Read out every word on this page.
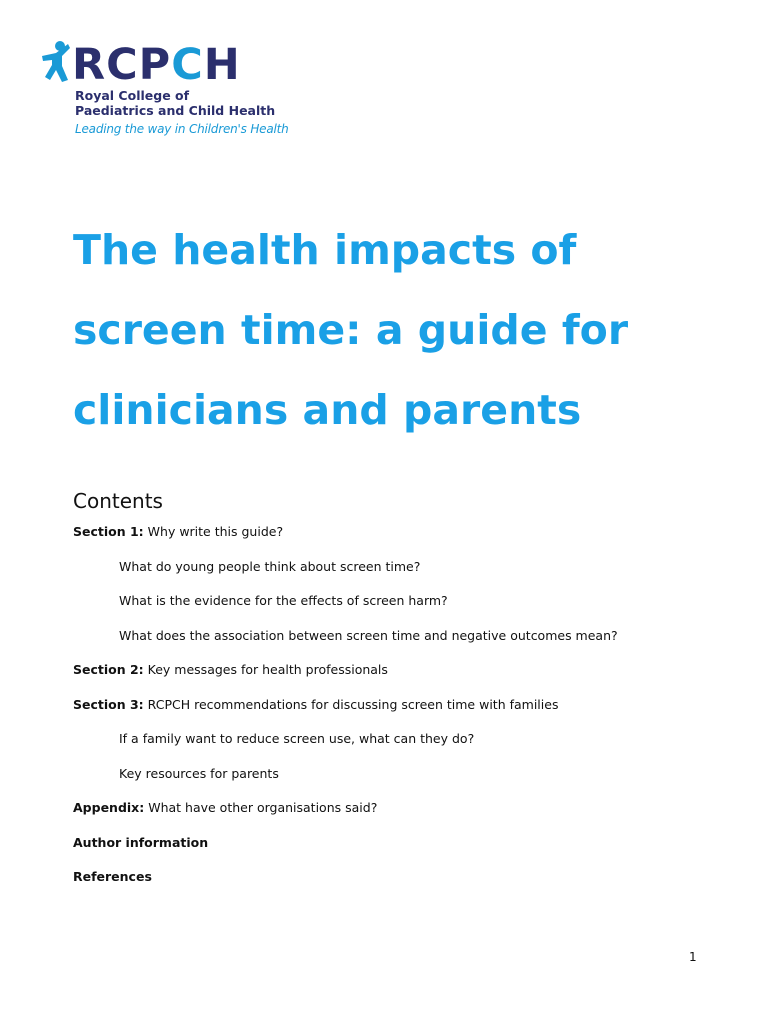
RCPCH
Royal College of
Paediatrics and Child Health
Leading the way in Children's Health
The health impacts of screen time: a guide for clinicians and parents
Contents
Section 1: Why write this guide?
What do young people think about screen time?
What is the evidence for the effects of screen harm?
What does the association between screen time and negative outcomes mean?
Section 2: Key messages for health professionals
Section 3: RCPCH recommendations for discussing screen time with families
If a family want to reduce screen use, what can they do?
Key resources for parents
Appendix: What have other organisations said?
Author information
References
1
